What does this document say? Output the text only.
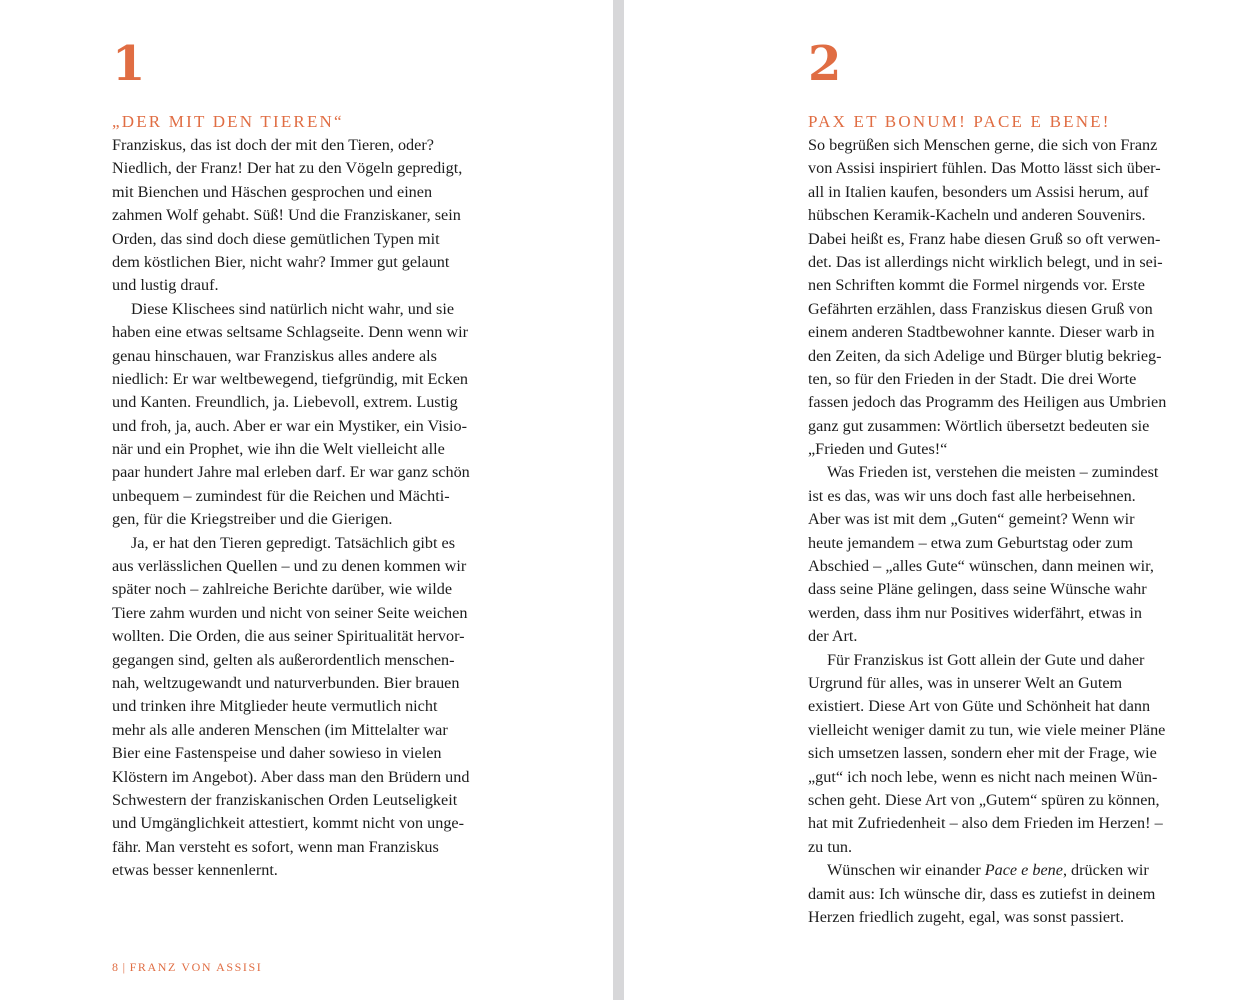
1
„DER MIT DEN TIEREN“
Franziskus, das ist doch der mit den Tieren, oder?
Niedlich, der Franz! Der hat zu den Vögeln gepredigt,
mit Bienchen und Häschen gesprochen und einen
zahmen Wolf gehabt. Süß! Und die Franziskaner, sein
Orden, das sind doch diese gemütlichen Typen mit
dem köstlichen Bier, nicht wahr? Immer gut gelaunt
und lustig drauf.
Diese Klischees sind natürlich nicht wahr, und sie
haben eine etwas seltsame Schlagseite. Denn wenn wir
genau hinschauen, war Franziskus alles andere als
niedlich: Er war weltbewegend, tiefgründig, mit Ecken
und Kanten. Freundlich, ja. Liebevoll, extrem. Lustig
und froh, ja, auch. Aber er war ein Mystiker, ein Visio-
när und ein Prophet, wie ihn die Welt vielleicht alle
paar hundert Jahre mal erleben darf. Er war ganz schön
unbequem – zumindest für die Reichen und Mächti-
gen, für die Kriegstreiber und die Gierigen.
Ja, er hat den Tieren gepredigt. Tatsächlich gibt es
aus verlässlichen Quellen – und zu denen kommen wir
später noch – zahlreiche Berichte darüber, wie wilde
Tiere zahm wurden und nicht von seiner Seite weichen
wollten. Die Orden, die aus seiner Spiritualität hervor-
gegangen sind, gelten als außerordentlich menschen-
nah, weltzugewandt und naturverbunden. Bier brauen
und trinken ihre Mitglieder heute vermutlich nicht
mehr als alle anderen Menschen (im Mittelalter war
Bier eine Fastenspeise und daher sowieso in vielen
Klöstern im Angebot). Aber dass man den Brüdern und
Schwestern der franziskanischen Orden Leutseligkeit
und Umgänglichkeit attestiert, kommt nicht von unge-
fähr. Man versteht es sofort, wenn man Franziskus
etwas besser kennenlernt.
8 | FRANZ VON ASSISI
2
PAX ET BONUM! PACE E BENE!
So begrüßen sich Menschen gerne, die sich von Franz
von Assisi inspiriert fühlen. Das Motto lässt sich über-
all in Italien kaufen, besonders um Assisi herum, auf
hübschen Keramik-Kacheln und anderen Souvenirs.
Dabei heißt es, Franz habe diesen Gruß so oft verwen-
det. Das ist allerdings nicht wirklich belegt, und in sei-
nen Schriften kommt die Formel nirgends vor. Erste
Gefährten erzählen, dass Franziskus diesen Gruß von
einem anderen Stadtbewohner kannte. Dieser warb in
den Zeiten, da sich Adelige und Bürger blutig bekrieg-
ten, so für den Frieden in der Stadt. Die drei Worte
fassen jedoch das Programm des Heiligen aus Umbrien
ganz gut zusammen: Wörtlich übersetzt bedeuten sie
„Frieden und Gutes!“
Was Frieden ist, verstehen die meisten – zumindest
ist es das, was wir uns doch fast alle herbeisehnen.
Aber was ist mit dem „Guten“ gemeint? Wenn wir
heute jemandem – etwa zum Geburtstag oder zum
Abschied – „alles Gute“ wünschen, dann meinen wir,
dass seine Pläne gelingen, dass seine Wünsche wahr
werden, dass ihm nur Positives widerfährt, etwas in
der Art.
Für Franziskus ist Gott allein der Gute und daher
Urgrund für alles, was in unserer Welt an Gutem
existiert. Diese Art von Güte und Schönheit hat dann
vielleicht weniger damit zu tun, wie viele meiner Pläne
sich umsetzen lassen, sondern eher mit der Frage, wie
„gut“ ich noch lebe, wenn es nicht nach meinen Wün-
schen geht. Diese Art von „Gutem“ spüren zu können,
hat mit Zufriedenheit – also dem Frieden im Herzen! –
zu tun.
Wünschen wir einander Pace e bene, drücken wir
damit aus: Ich wünsche dir, dass es zutiefst in deinem
Herzen friedlich zugeht, egal, was sonst passiert.
